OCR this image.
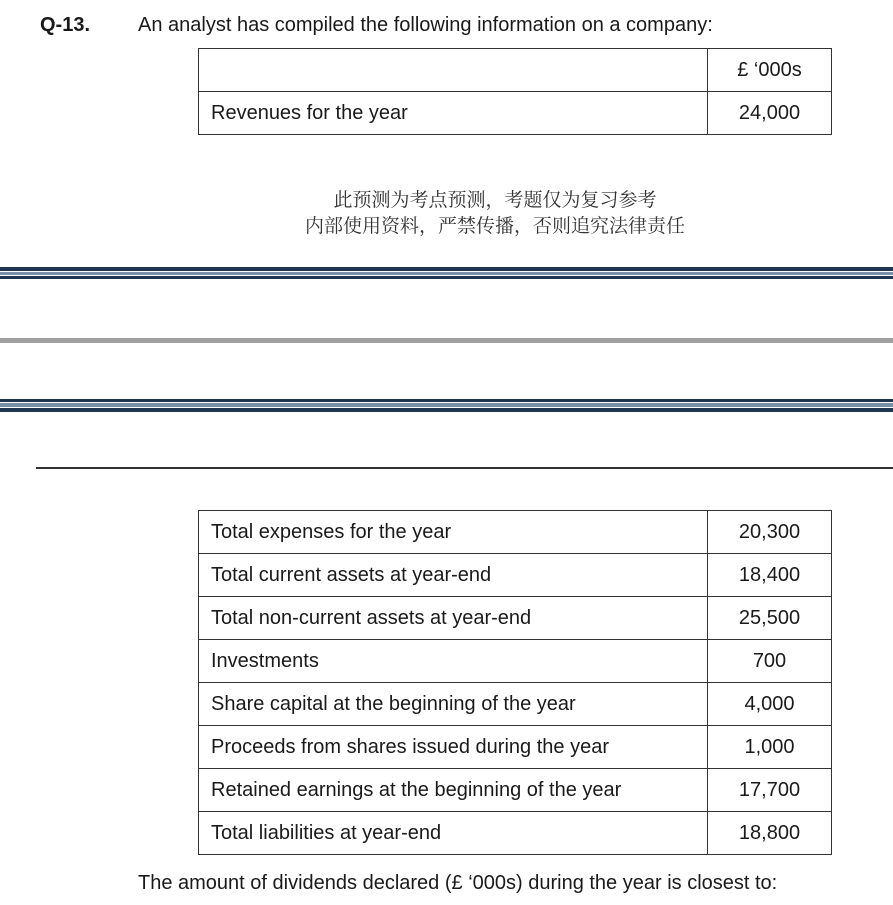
Q-13. An analyst has compiled the following information on a company:
	£ ‘000s
Revenues for the year	24,000
此预测为考点预测，考题仅为复习参考
内部使用资料，严禁传播，否则追究法律责任
Total expenses for the year	20,300
Total current assets at year-end	18,400
Total non-current assets at year-end	25,500
Investments	700
Share capital at the beginning of the year	4,000
Proceeds from shares issued during the year	1,000
Retained earnings at the beginning of the year	17,700
Total liabilities at year-end	18,800
The amount of dividends declared (£ ‘000s) during the year is closest to:
